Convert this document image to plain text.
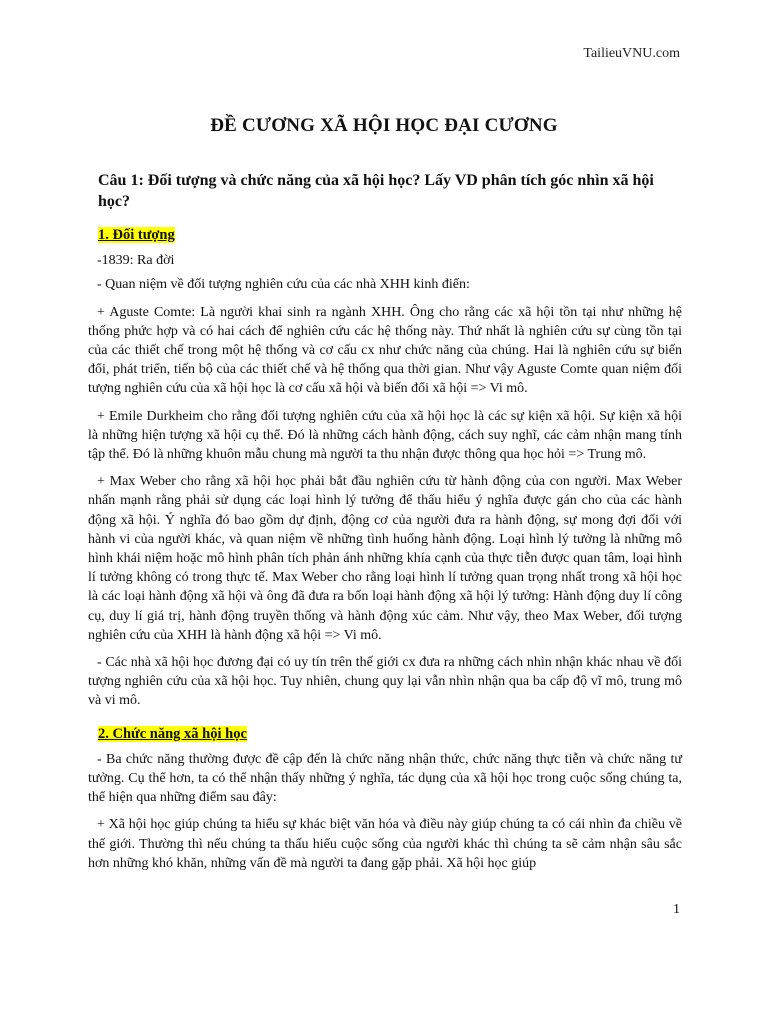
TailieuVNU.com
ĐỀ CƯƠNG XÃ HỘI HỌC ĐẠI CƯƠNG
Câu 1: Đối tượng và chức năng của xã hội học? Lấy VD phân tích góc nhìn xã hội học?
1. Đối tượng

-1839: Ra đời

- Quan niệm về đối tượng nghiên cứu của các nhà XHH kinh điển:

+ Aguste Comte: Là người khai sinh ra ngành XHH. Ông cho rằng các xã hội tồn tại như những hệ thống phức hợp và có hai cách để nghiên cứu các hệ thống này. Thứ nhất là nghiên cứu sự cùng tồn tại của các thiết chế trong một hệ thống và cơ cấu cx như chức năng của chúng. Hai là nghiên cứu sự biến đổi, phát triển, tiến bộ của các thiết chế và hệ thống qua thời gian. Như vậy Aguste Comte quan niệm đối tượng nghiên cứu của xã hội học là cơ cấu xã hội và biến đổi xã hội => Vi mô.

+ Emile Durkheim cho rằng đối tượng nghiên cứu của xã hội học là các sự kiện xã hội. Sự kiện xã hội là những hiện tượng xã hội cụ thể. Đó là những cách hành động, cách suy nghĩ, các cảm nhận mang tính tập thể. Đó là những khuôn mẫu chung mà người ta thu nhận được thông qua học hỏi => Trung mô.

+ Max Weber cho rằng xã hội học phải bắt đầu nghiên cứu từ hành động của con người. Max Weber nhấn mạnh rằng phải sử dụng các loại hình lý tưởng để thấu hiểu ý nghĩa được gán cho của các hành động xã hội. Ý nghĩa đó bao gồm dự định, động cơ của người đưa ra hành động, sự mong đợi đối với hành vi của người khác, và quan niệm về những tình huống hành động. Loại hình lý tưởng là những mô hình khái niệm hoặc mô hình phân tích phản ánh những khía cạnh của thực tiễn được quan tâm, loại hình lí tưởng không có trong thực tế. Max Weber cho rằng loại hình lí tưởng quan trọng nhất trong xã hội học là các loại hành động xã hội và ông đã đưa ra bốn loại hành động xã hội lý tưởng: Hành động duy lí công cụ, duy lí giá trị, hành động truyền thống và hành động xúc cảm. Như vậy, theo Max Weber, đối tượng nghiên cứu của XHH là hành động xã hội => Vi mô.

- Các nhà xã hội học đương đại có uy tín trên thế giới cx đưa ra những cách nhìn nhận khác nhau về đối tượng nghiên cứu của xã hội học. Tuy nhiên, chung quy lại vẫn nhìn nhận qua ba cấp độ vĩ mô, trung mô và vi mô.

2. Chức năng xã hội học

- Ba chức năng thường được đề cập đến là chức năng nhận thức, chức năng thực tiễn và chức năng tư tưởng. Cụ thể hơn, ta có thể nhận thấy những ý nghĩa, tác dụng của xã hội học trong cuộc sống chúng ta, thể hiện qua những điểm sau đây:

+ Xã hội học giúp chúng ta hiểu sự khác biệt văn hóa và điều này giúp chúng ta có cái nhìn đa chiều về thế giới. Thường thì nếu chúng ta thấu hiểu cuộc sống của người khác thì chúng ta sẽ cảm nhận sâu sắc hơn những khó khăn, những vấn đề mà người ta đang gặp phải. Xã hội học giúp

1
